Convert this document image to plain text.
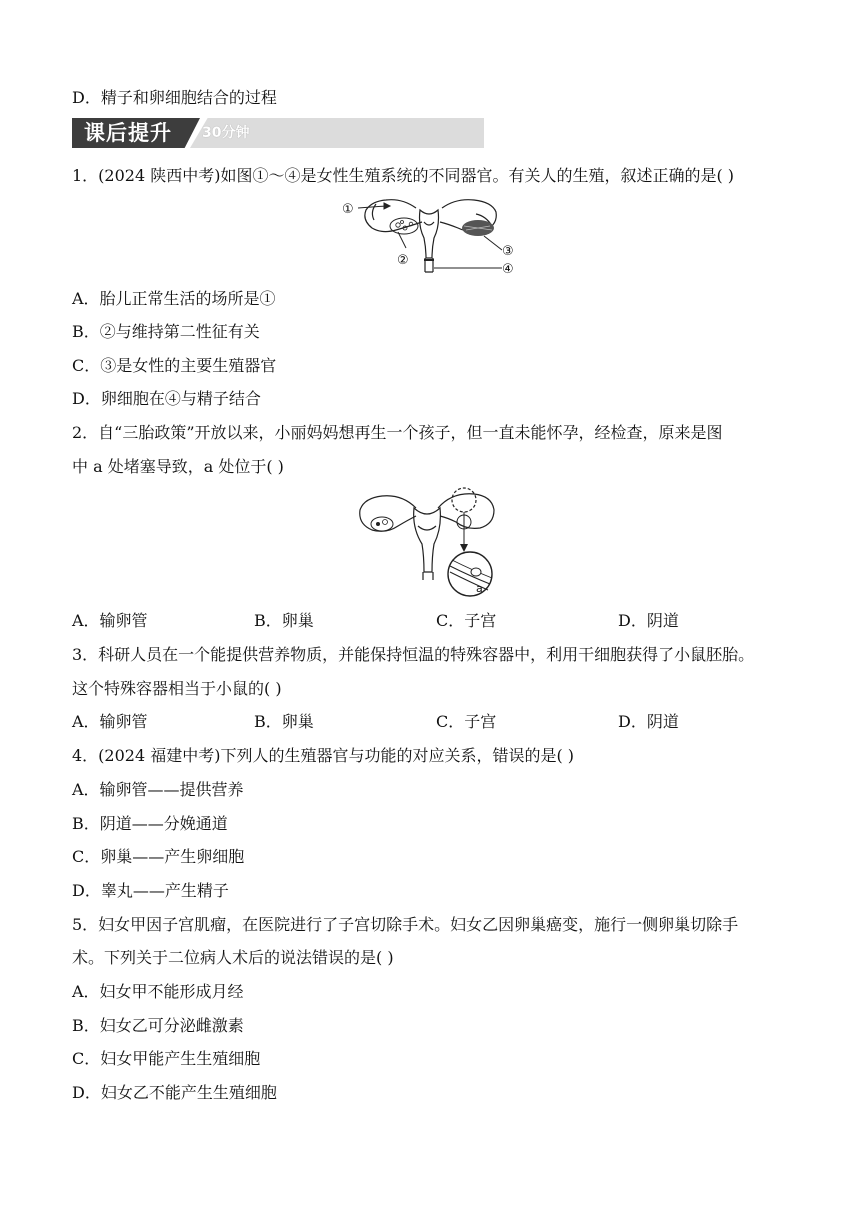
D．精子和卵细胞结合的过程
课后提升 30分钟
1．(2024 陕西中考)如图①～④是女性生殖系统的不同器官。有关人的生殖，叙述正确的是( )
①
②
③
④
A．胎儿正常生活的场所是①
B．②与维持第二性征有关
C．③是女性的主要生殖器官
D．卵细胞在④与精子结合
2．自“三胎政策”开放以来，小丽妈妈想再生一个孩子，但一直未能怀孕，经检查，原来是图
中 a 处堵塞导致，a 处位于( )
a
A．输卵管	B．卵巢	C．子宫	D．阴道
3．科研人员在一个能提供营养物质，并能保持恒温的特殊容器中，利用干细胞获得了小鼠胚胎。
这个特殊容器相当于小鼠的( )
A．输卵管	B．卵巢	C．子宫	D．阴道
4．(2024 福建中考)下列人的生殖器官与功能的对应关系，错误的是( )
A．输卵管——提供营养
B．阴道——分娩通道
C．卵巢——产生卵细胞
D．睾丸——产生精子
5．妇女甲因子宫肌瘤，在医院进行了子宫切除手术。妇女乙因卵巢癌变，施行一侧卵巢切除手
术。下列关于二位病人术后的说法错误的是( )
A．妇女甲不能形成月经
B．妇女乙可分泌雌激素
C．妇女甲能产生生殖细胞
D．妇女乙不能产生生殖细胞
